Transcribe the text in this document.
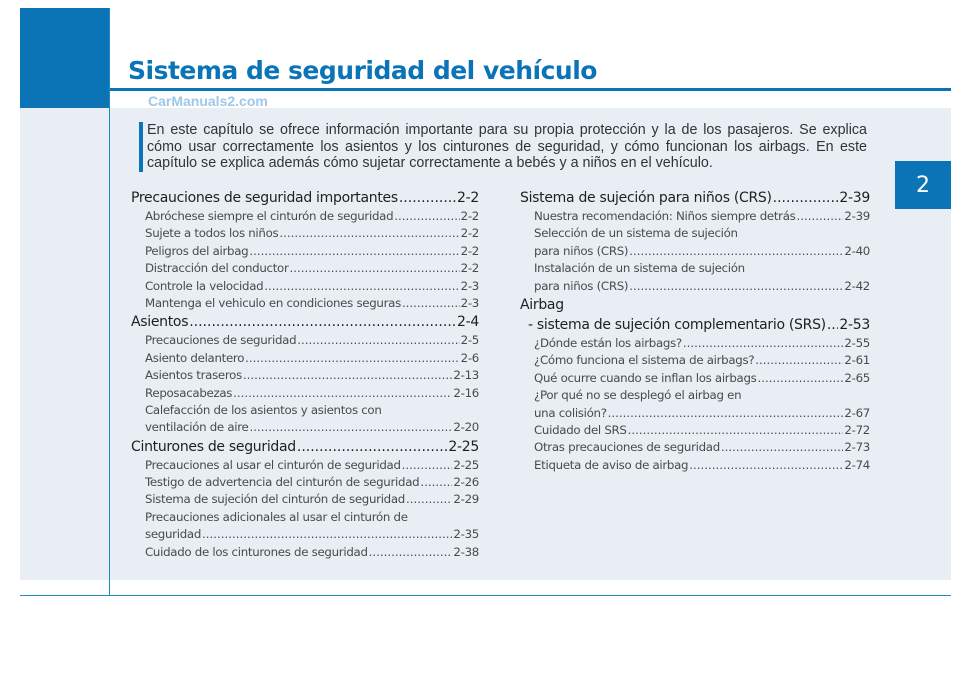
Sistema de seguridad del vehículo
CarManuals2.com
2

En este capítulo se ofrece información importante para su propia protección y la de los pasajeros. Se explica cómo usar correctamente los asientos y los cinturones de seguridad, y cómo funcionan los airbags. En este capítulo se explica además cómo sujetar correctamente a bebés y a niños en el vehículo.

Precauciones de seguridad importantes .....	2-2
Abróchese siempre el cinturón de seguridad .....	2-2
Sujete a todos los niños .....	2-2
Peligros del airbag .....	2-2
Distracción del conductor .....	2-2
Controle la velocidad .....	2-3
Mantenga el vehiculo en condiciones seguras .....	2-3
Asientos .....	2-4
Precauciones de seguridad .....	2-5
Asiento delantero .....	2-6
Asientos traseros .....	2-13
Reposacabezas .....	2-16
Calefacción de los asientos y asientos con
ventilación de aire .....	2-20
Cinturones de seguridad .....	2-25
Precauciones al usar el cinturón de seguridad .....	2-25
Testigo de advertencia del cinturón de seguridad .....	2-26
Sistema de sujeción del cinturón de seguridad .....	2-29
Precauciones adicionales al usar el cinturón de
seguridad .....	2-35
Cuidado de los cinturones de seguridad .....	2-38
Sistema de sujeción para niños (CRS) .....	2-39
Nuestra recomendación: Niños siempre detrás .....	2-39
Selección de un sistema de sujeción
para niños (CRS) .....	2-40
Instalación de un sistema de sujeción
para niños (CRS) .....	2-42
Airbag
- sistema de sujeción complementario (SRS) ..... 2-53
¿Dónde están los airbags? .....	2-55
¿Cómo funciona el sistema de airbags? .....	2-61
Qué ocurre cuando se inflan los airbags .....	2-65
¿Por qué no se desplegó el airbag en
una colisión? .....	2-67
Cuidado del SRS .....	2-72
Otras precauciones de seguridad .....	2-73
Etiqueta de aviso de airbag .....	2-74
